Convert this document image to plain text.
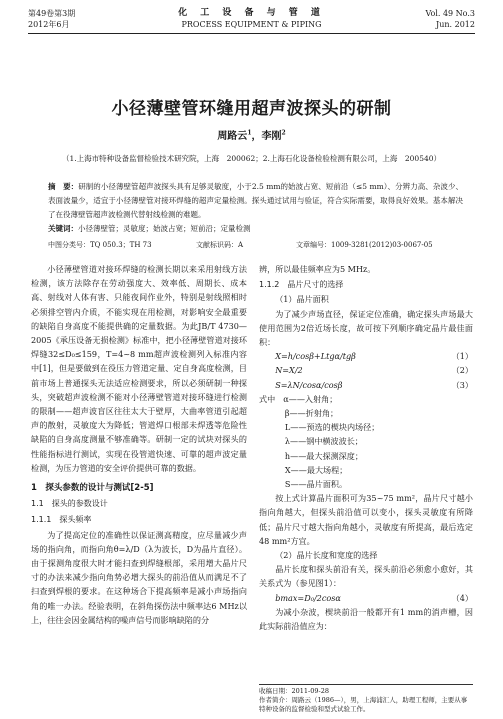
第49卷第3期
2012年6月
化 工 设 备 与 管 道
PROCESS EQUIPMENT & PIPING
Vol. 49 No.3
Jun. 2012
小径薄壁管环缝用超声波探头的研制
周路云$^1$，李刚$^2$
（1.上海市特种设备监督检验技术研究院，上海　200062；2.上海石化设备检验检测有限公司，上海　200540）
摘　要：研制的小径薄壁管超声波探头具有足够灵敏度，小于2.5 mm的始波占宽、短前沿（≤5 mm）、分辨力高、杂波少、表面波量少，适宜于小径薄壁管对接环焊缝的超声定量检测。探头通过试用与验证，符合实际需要，取得良好效果。基本解决了在役薄壁管超声波检测代替射线检测的难题。
关键词：小径薄壁管；灵敏度；始波占宽；短前沿；定量检测
中图分类号：TQ 050.3；TH 73	文献标识码：A	文章编号：1009-3281(2012)03-0067-05

小径薄壁管道对接环焊缝的检测长期以来采用射线方法检测，该方法除存在劳动强度大、效率低、周期长、成本高、射线对人体有害、只能夜间作业外，特别是射线照相时必须排空管内介质，不能实现在用检测，对影响安全最重要的缺陷自身高度不能提供确的定量数据。为此JB/T 4730—2005《承压设备无损检测》标准中，把小径薄壁管道对接环焊缝32≤D₀≤159，T=4~8 mm超声波检测列入标准内容中[1]，但是要做到在役压力管道定量、定自身高度检测，目前市场上普通探头无法适应检测要求，所以必须研制一种探头，突破超声波检测不能对小径薄壁管道对接环缝进行检测的限制——超声波盲区往往太大于壁厚，大曲率管道引起超声的散射，灵敏度大为降低；管道焊口根部未焊透等危险性缺陷的自身高度测量不够准确等。研制一定的试块对探头的性能指标进行测试，实现在役管道快速、可靠的超声波定量检测，为压力管道的安全评价提供可靠的数据。

1　探头参数的设计与测试[2-5]
1.1　探头的参数设计
1.1.1　探头频率

为了提高定位的准确性以保证测高精度，应尽量减少声场的指向角，而指向角θ=λ/D（λ为波长，D为晶片直径）。由于探测角度很大时才能扫查到焊缝根部，采用增大晶片尺寸的办法来减少指向角势必增大探头的前沿值从而满足不了扫查到焊根的要求。在这种场合下提高频率是减小声场指向角的唯一办法。经验表明，在斜角探伤法中频率达6 MHz以上，往往会因金属结构的噪声信号而影响缺陷的分

辨，所以最佳频率应为5 MHz。

1.1.2　晶片尺寸的选择
（1）晶片面积

为了减少声场直径，保证定位准确，确定探头声场最大使用范围为2倍近场长度，故可按下列顺序确定晶片最佳面积：

X=h/cosβ+Ltgα/tgβ	（1）
N=X/2	（2）
S=λN/cosα/cosβ	（3）
式中　α——入射角；
β——折射角；
L——预选的楔块内场径；
λ——钢中横波波长；
h——最大探测深度；
X——最大场程；
S——晶片面积。

按上式计算晶片面积可为35~75 mm²，晶片尺寸越小指向角越大，但探头前沿值可以变小，探头灵敏度有所降低；晶片尺寸越大指向角越小，灵敏度有所提高，最后选定48 mm²方宜。

（2）晶片长度和宽度的选择

晶片长度和探头前沿有关，探头前沿必须愈小愈好，其关系式为（参见图1）：

bmax=D₀/2cosα	（4）

为减小杂波，楔块前沿一般都开有1 mm的消声槽，因此实际前沿值应为：

收稿日期：2011-09-28
作者简介：周路云（1986—），男，上海浦汇人，助理工程师，主要从事特种设备的监督检验和型式试验工作。
